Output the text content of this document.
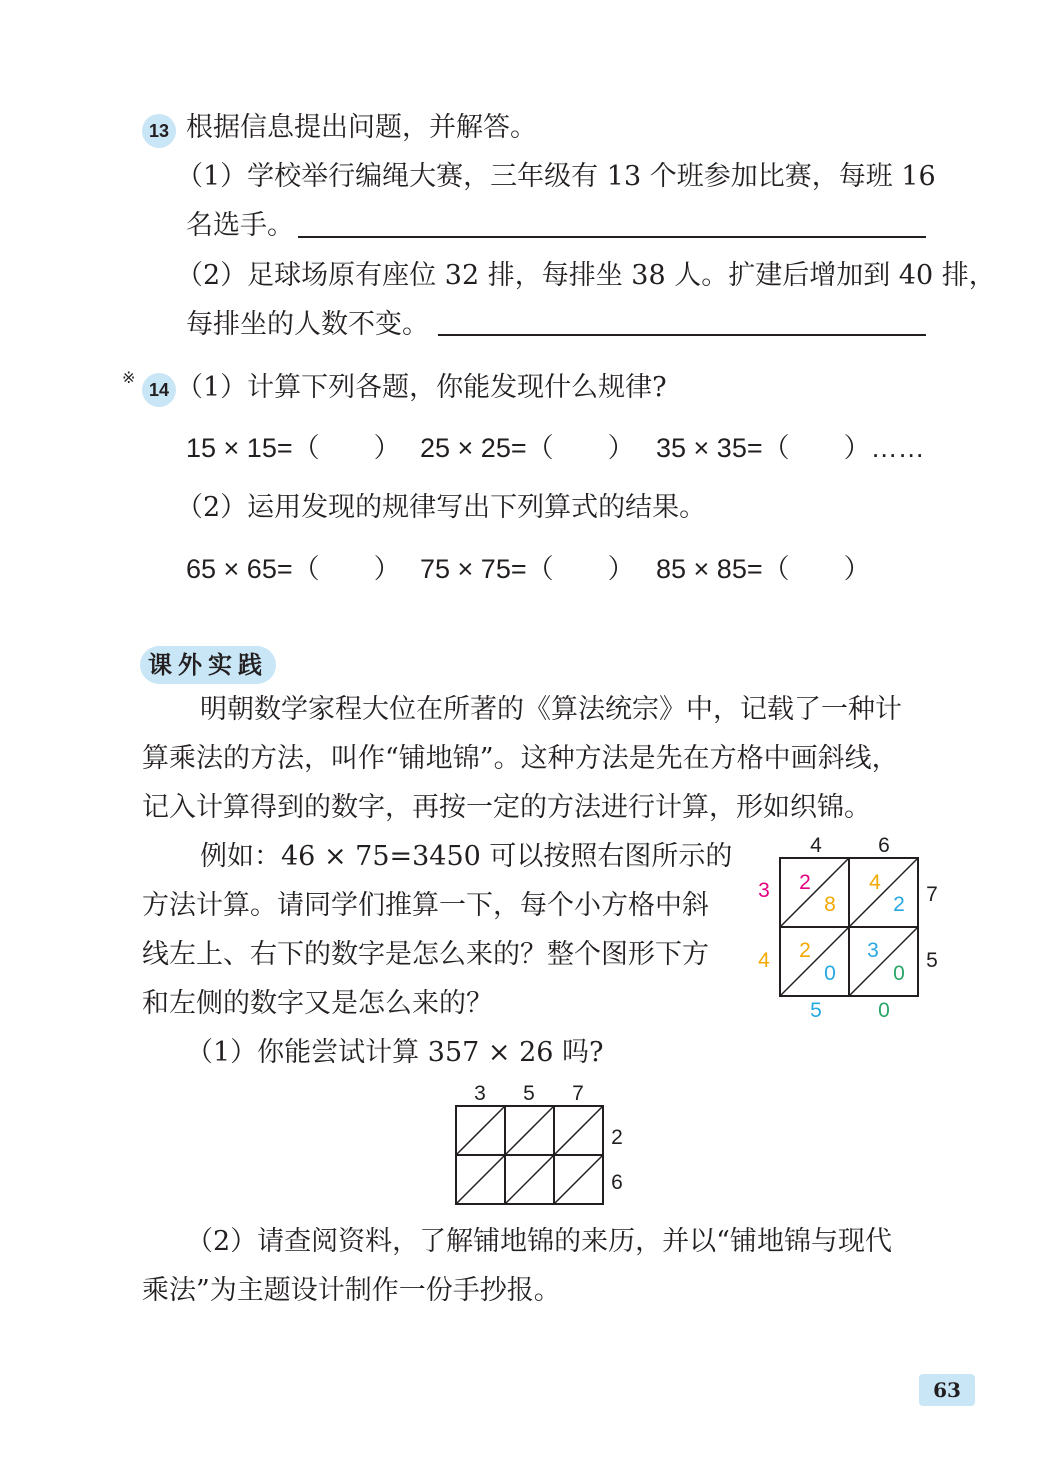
13 根据信息提出问题，并解答。
（1）学校举行编绳大赛，三年级有 13 个班参加比赛，每班 16
名选手。
（2）足球场原有座位 32 排，每排坐 38 人。扩建后增加到 40 排，
每排坐的人数不变。
※
14 （1）计算下列各题，你能发现什么规律?
15 × 15=（　　） 25 × 25=（　　） 35 × 35=（　　）……
（2）运用发现的规律写出下列算式的结果。
65 × 65=（　　） 75 × 75=（　　） 85 × 85=（　　）
课外实践
明朝数学家程大位在所著的《算法统宗》中，记载了一种计
算乘法的方法，叫作“铺地锦”。这种方法是先在方格中画斜线，
记入计算得到的数字，再按一定的方法进行计算，形如织锦。
例如：46 × 75=3450 可以按照右图所示的
方法计算。请同学们推算一下，每个小方格中斜
线左上、右下的数字是怎么来的？整个图形下方
和左侧的数字又是怎么来的？
4	6
7
5
3
4
5	0
2
8
4
2
2
0
3
0
（1）你能尝试计算 357 × 26 吗?
3 5 7
2
6
（2）请查阅资料，了解铺地锦的来历，并以“铺地锦与现代
乘法”为主题设计制作一份手抄报。
63
